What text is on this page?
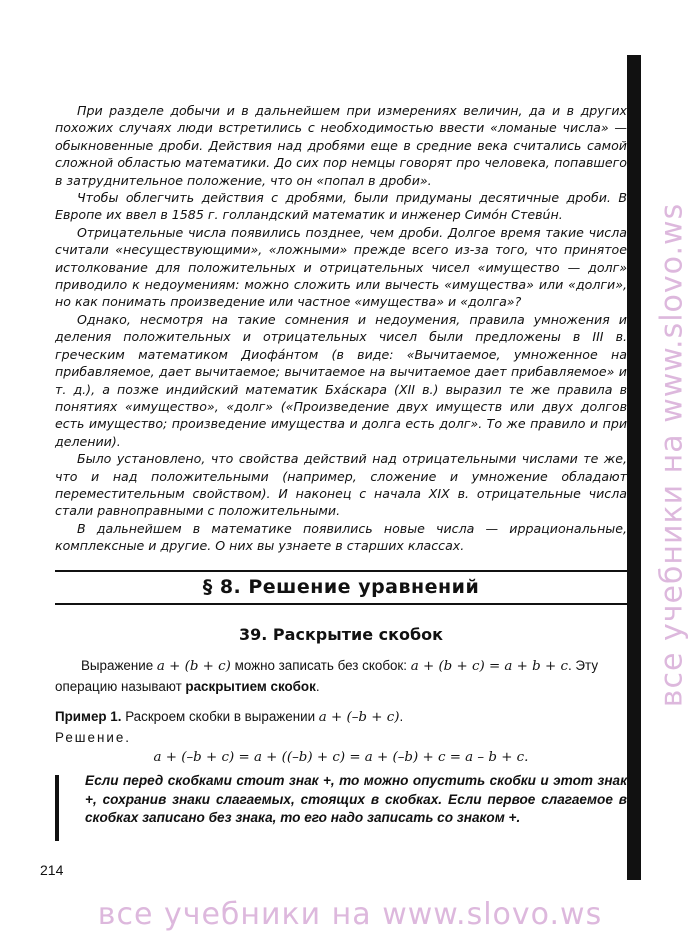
При разделе добычи и в дальнейшем при измерениях величин, да и в других похожих случаях люди встретились с необходимостью ввести «ломаные числа» — обыкновенные дроби. Действия над дробями еще в средние века считались самой сложной областью математики. До сих пор немцы говорят про человека, попавшего в затруднительное положение, что он «попал в дроби».

Чтобы облегчить действия с дробями, были придуманы десятичные дроби. В Европе их ввел в 1585 г. голландский математик и инженер Симóн Стевúн.

Отрицательные числа появились позднее, чем дроби. Долгое время такие числа считали «несуществующими», «ложными» прежде всего из-за того, что принятое истолкование для положительных и отрицательных чисел «имущество — долг» приводило к недоумениям: можно сложить или вычесть «имущества» или «долги», но как понимать произведение или частное «имущества» и «долга»?

Однако, несмотря на такие сомнения и недоумения, правила умножения и деления положительных и отрицательных чисел были предложены в III в. греческим математиком Диофáнтом (в виде: «Вычитаемое, умноженное на прибавляемое, дает вычитаемое; вычитаемое на вычитаемое дает прибавляемое» и т. д.), а позже индийский математик Бхáскара (XII в.) выразил те же правила в понятиях «имущество», «долг» («Произведение двух имуществ или двух долгов есть имущество; произведение имущества и долга есть долг». То же правило и при делении).

Было установлено, что свойства действий над отрицательными числами те же, что и над положительными (например, сложение и умножение обладают переместительным свойством). И наконец с начала XIX в. отрицательные числа стали равноправными с положительными.

В дальнейшем в математике появились новые числа — иррациональные, комплексные и другие. О них вы узнаете в старших классах.

§ 8. Решение уравнений
39. Раскрытие скобок

Выражение a + (b + c) можно записать без скобок: a + (b + c) = a + b + c. Эту операцию называют раскрытием скобок.

Пример 1. Раскроем скобки в выражении a + (–b + c).

Решение.

a + (–b + c) = a + ((–b) + c) = a + (–b) + c = a – b + c.

Если перед скобками стоит знак +, то можно опустить скобки и этот знак +, сохранив знаки слагаемых, стоящих в скобках. Если первое слагаемое в скобках записано без знака, то его надо записать со знаком +.
214
все учебники на www.slovo.ws
все учебники на www.slovo.ws
